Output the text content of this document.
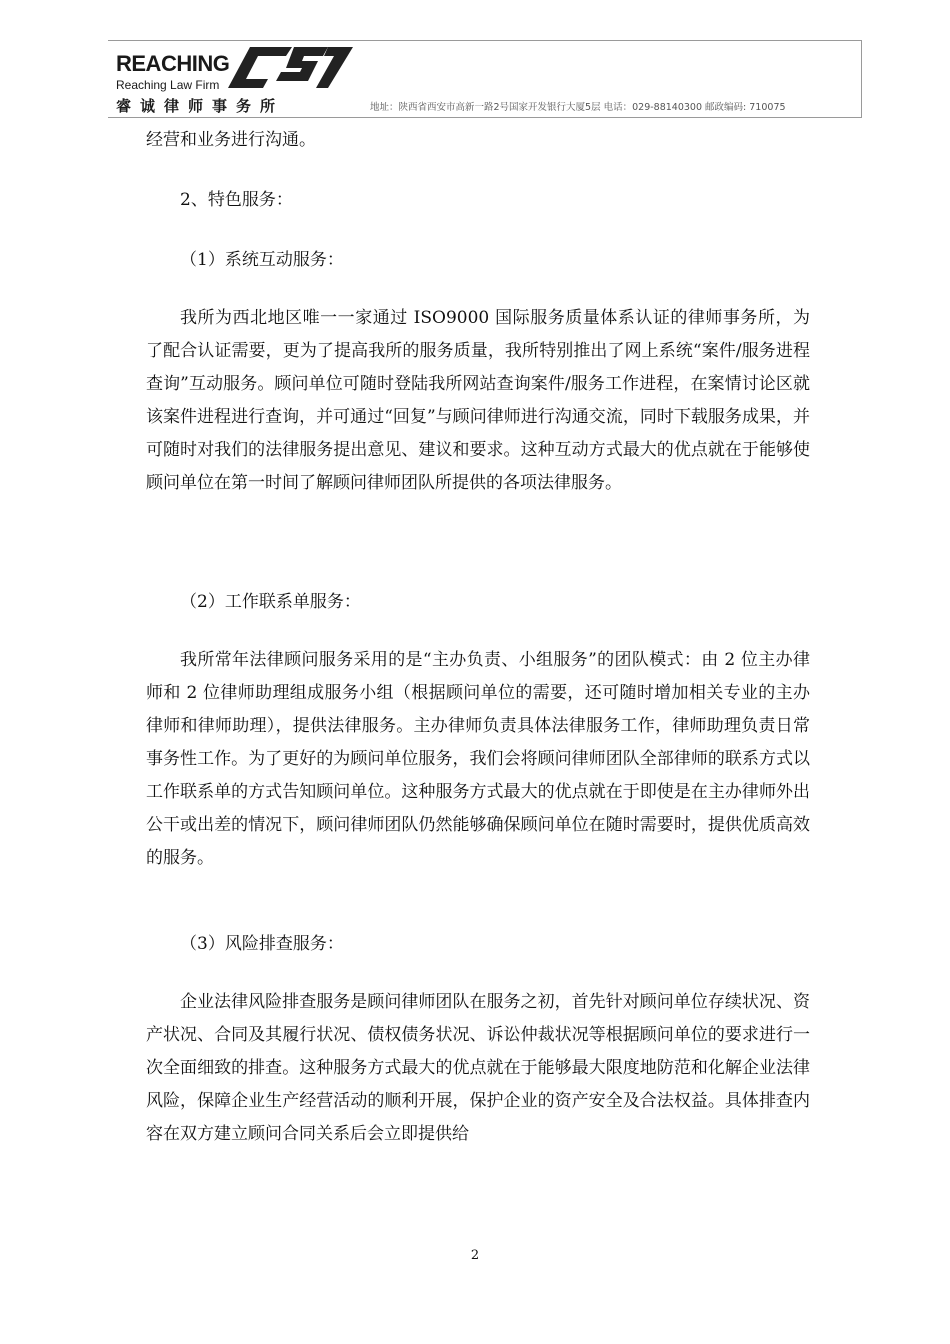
REACHING
Reaching Law Firm
睿诚律师事务所	地址：陕西省西安市高新一路2号国家开发银行大厦5层 电话：029-88140300 邮政编码: 710075

经营和业务进行沟通。

2、特色服务：

（1）系统互动服务：

我所为西北地区唯一一家通过 ISO9000 国际服务质量体系认证的律师事务所，为了配合认证需要，更为了提高我所的服务质量，我所特别推出了网上系统“案件/服务进程查询”互动服务。顾问单位可随时登陆我所网站查询案件/服务工作进程，在案情讨论区就该案件进程进行查询，并可通过“回复”与顾问律师进行沟通交流，同时下载服务成果，并可随时对我们的法律服务提出意见、建议和要求。这种互动方式最大的优点就在于能够使顾问单位在第一时间了解顾问律师团队所提供的各项法律服务。

（2）工作联系单服务：

我所常年法律顾问服务采用的是“主办负责、小组服务”的团队模式：由 2 位主办律师和 2 位律师助理组成服务小组（根据顾问单位的需要，还可随时增加相关专业的主办律师和律师助理），提供法律服务。主办律师负责具体法律服务工作，律师助理负责日常事务性工作。为了更好的为顾问单位服务，我们会将顾问律师团队全部律师的联系方式以工作联系单的方式告知顾问单位。这种服务方式最大的优点就在于即使是在主办律师外出公干或出差的情况下，顾问律师团队仍然能够确保顾问单位在随时需要时，提供优质高效的服务。

（3）风险排查服务：

企业法律风险排查服务是顾问律师团队在服务之初，首先针对顾问单位存续状况、资产状况、合同及其履行状况、债权债务状况、诉讼仲裁状况等根据顾问单位的要求进行一次全面细致的排查。这种服务方式最大的优点就在于能够最大限度地防范和化解企业法律风险，保障企业生产经营活动的顺利开展，保护企业的资产安全及合法权益。具体排查内容在双方建立顾问合同关系后会立即提供给

2
